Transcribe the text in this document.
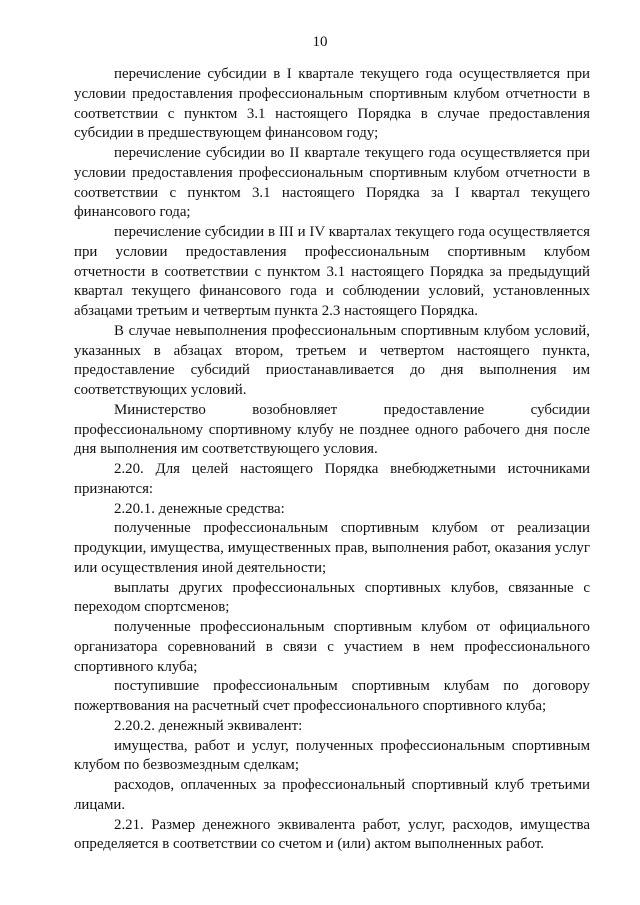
10

перечисление субсидии в I квартале текущего года осуществляется при условии предоставления профессиональным спортивным клубом отчетности в соответствии с пунктом 3.1 настоящего Порядка в случае предоставления субсидии в предшествующем финансовом году;

перечисление субсидии во II квартале текущего года осуществляется при условии предоставления профессиональным спортивным клубом отчетности в соответствии с пунктом 3.1 настоящего Порядка за I квартал текущего финансового года;

перечисление субсидии в III и IV кварталах текущего года осуществляется при условии предоставления профессиональным спортивным клубом отчетности в соответствии с пунктом 3.1 настоящего Порядка за предыдущий квартал текущего финансового года и соблюдении условий, установленных абзацами третьим и четвертым пункта 2.3 настоящего Порядка.

В случае невыполнения профессиональным спортивным клубом условий, указанных в абзацах втором, третьем и четвертом настоящего пункта, предоставление субсидий приостанавливается до дня выполнения им соответствующих условий.

Министерство возобновляет предоставление субсидии профессиональному спортивному клубу не позднее одного рабочего дня после дня выполнения им соответствующего условия.

2.20. Для целей настоящего Порядка внебюджетными источниками признаются:

2.20.1. денежные средства:

полученные профессиональным спортивным клубом от реализации продукции, имущества, имущественных прав, выполнения работ, оказания услуг или осуществления иной деятельности;

выплаты других профессиональных спортивных клубов, связанные с переходом спортсменов;

полученные профессиональным спортивным клубом от официального организатора соревнований в связи с участием в нем профессионального спортивного клуба;

поступившие профессиональным спортивным клубам по договору пожертвования на расчетный счет профессионального спортивного клуба;

2.20.2. денежный эквивалент:

имущества, работ и услуг, полученных профессиональным спортивным клубом по безвозмездным сделкам;

расходов, оплаченных за профессиональный спортивный клуб третьими лицами.

2.21. Размер денежного эквивалента работ, услуг, расходов, имущества определяется в соответствии со счетом и (или) актом выполненных работ.
